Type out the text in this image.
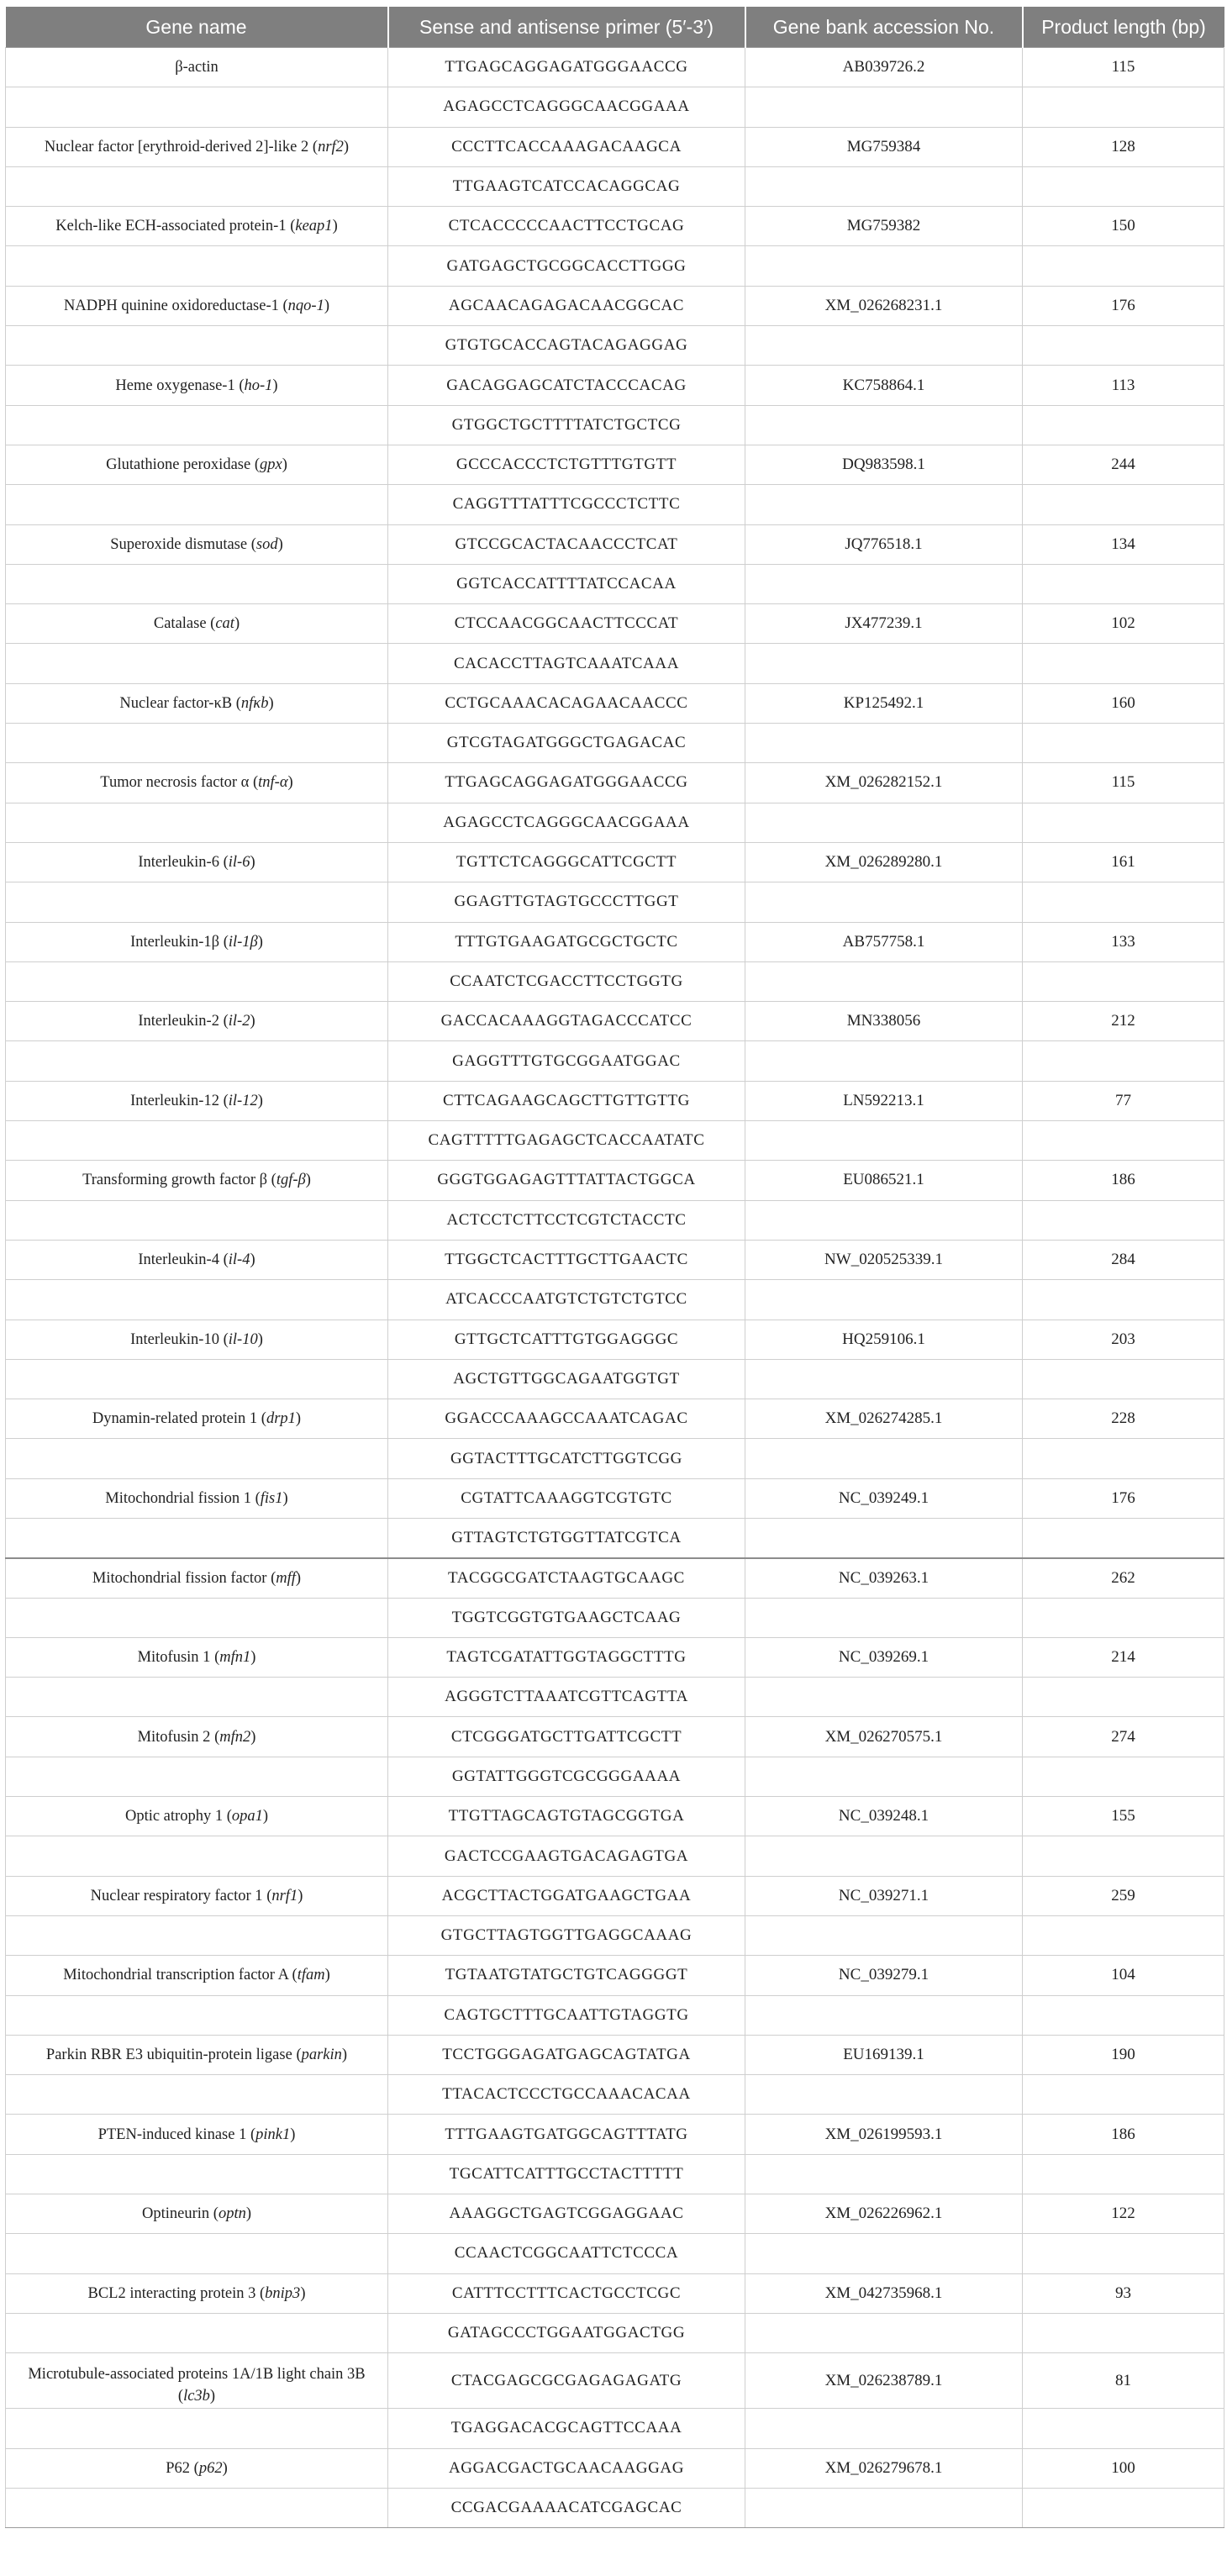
Gene name	Sense and antisense primer (5′-3′)	Gene bank accession No.	Product length (bp)
β-actin	TTGAGCAGGAGATGGGAACCG	AB039726.2	115
	AGAGCCTCAGGGCAACGGAAA		
Nuclear factor [erythroid-derived 2]-like 2 (nrf2)	CCCTTCACCAAAGACAAGCA	MG759384	128
	TTGAAGTCATCCACAGGCAG		
Kelch-like ECH-associated protein-1 (keap1)	CTCACCCCCAACTTCCTGCAG	MG759382	150
	GATGAGCTGCGGCACCTTGGG		
NADPH quinine oxidoreductase-1 (nqo-1)	AGCAACAGAGACAACGGCAC	XM_026268231.1	176
	GTGTGCACCAGTACAGAGGAG		
Heme oxygenase-1 (ho-1)	GACAGGAGCATCTACCCACAG	KC758864.1	113
	GTGGCTGCTTTTATCTGCTCG		
Glutathione peroxidase (gpx)	GCCCACCCTCTGTTTGTGTT	DQ983598.1	244
	CAGGTTTATTTCGCCCTCTTC		
Superoxide dismutase (sod)	GTCCGCACTACAACCCTCAT	JQ776518.1	134
	GGTCACCATTTTATCCACAA		
Catalase (cat)	CTCCAACGGCAACTTCCCAT	JX477239.1	102
	CACACCTTAGTCAAATCAAA		
Nuclear factor-κB (nfκb)	CCTGCAAACACAGAACAACCC	KP125492.1	160
	GTCGTAGATGGGCTGAGACAC		
Tumor necrosis factor α (tnf-α)	TTGAGCAGGAGATGGGAACCG	XM_026282152.1	115
	AGAGCCTCAGGGCAACGGAAA		
Interleukin-6 (il-6)	TGTTCTCAGGGCATTCGCTT	XM_026289280.1	161
	GGAGTTGTAGTGCCCTTGGT		
Interleukin-1β (il-1β)	TTTGTGAAGATGCGCTGCTC	AB757758.1	133
	CCAATCTCGACCTTCCTGGTG		
Interleukin-2 (il-2)	GACCACAAAGGTAGACCCATCC	MN338056	212
	GAGGTTTGTGCGGAATGGAC		
Interleukin-12 (il-12)	CTTCAGAAGCAGCTTGTTGTTG	LN592213.1	77
	CAGTTTTTGAGAGCTCACCAATATC		
Transforming growth factor β (tgf-β)	GGGTGGAGAGTTTATTACTGGCA	EU086521.1	186
	ACTCCTCTTCCTCGTCTACCTC		
Interleukin-4 (il-4)	TTGGCTCACTTTGCTTGAACTC	NW_020525339.1	284
	ATCACCCAATGTCTGTCTGTCC		
Interleukin-10 (il-10)	GTTGCTCATTTGTGGAGGGC	HQ259106.1	203
	AGCTGTTGGCAGAATGGTGT		
Dynamin-related protein 1 (drp1)	GGACCCAAAGCCAAATCAGAC	XM_026274285.1	228
	GGTACTTTGCATCTTGGTCGG		
Mitochondrial fission 1 (fis1)	CGTATTCAAAGGTCGTGTC	NC_039249.1	176
	GTTAGTCTGTGGTTATCGTCA		
Mitochondrial fission factor (mff)	TACGGCGATCTAAGTGCAAGC	NC_039263.1	262
	TGGTCGGTGTGAAGCTCAAG		
Mitofusin 1 (mfn1)	TAGTCGATATTGGTAGGCTTTG	NC_039269.1	214
	AGGGTCTTAAATCGTTCAGTTA		
Mitofusin 2 (mfn2)	CTCGGGATGCTTGATTCGCTT	XM_026270575.1	274
	GGTATTGGGTCGCGGGAAAA		
Optic atrophy 1 (opa1)	TTGTTAGCAGTGTAGCGGTGA	NC_039248.1	155
	GACTCCGAAGTGACAGAGTGA		
Nuclear respiratory factor 1 (nrf1)	ACGCTTACTGGATGAAGCTGAA	NC_039271.1	259
	GTGCTTAGTGGTTGAGGCAAAG		
Mitochondrial transcription factor A (tfam)	TGTAATGTATGCTGTCAGGGGT	NC_039279.1	104
	CAGTGCTTTGCAATTGTAGGTG		
Parkin RBR E3 ubiquitin-protein ligase (parkin)	TCCTGGGAGATGAGCAGTATGA	EU169139.1	190
	TTACACTCCCTGCCAAACACAA		
PTEN-induced kinase 1 (pink1)	TTTGAAGTGATGGCAGTTTATG	XM_026199593.1	186
	TGCATTCATTTGCCTACTTTTT		
Optineurin (optn)	AAAGGCTGAGTCGGAGGAAC	XM_026226962.1	122
	CCAACTCGGCAATTCTCCCA		
BCL2 interacting protein 3 (bnip3)	CATTTCCTTTCACTGCCTCGC	XM_042735968.1	93
	GATAGCCCTGGAATGGACTGG		
Microtubule-associated proteins 1A/1B light chain 3B (lc3b)	CTACGAGCGCGAGAGAGATG	XM_026238789.1	81
	TGAGGACACGCAGTTCCAAA		
P62 (p62)	AGGACGACTGCAACAAGGAG	XM_026279678.1	100
	CCGACGAAAACATCGAGCAC		
